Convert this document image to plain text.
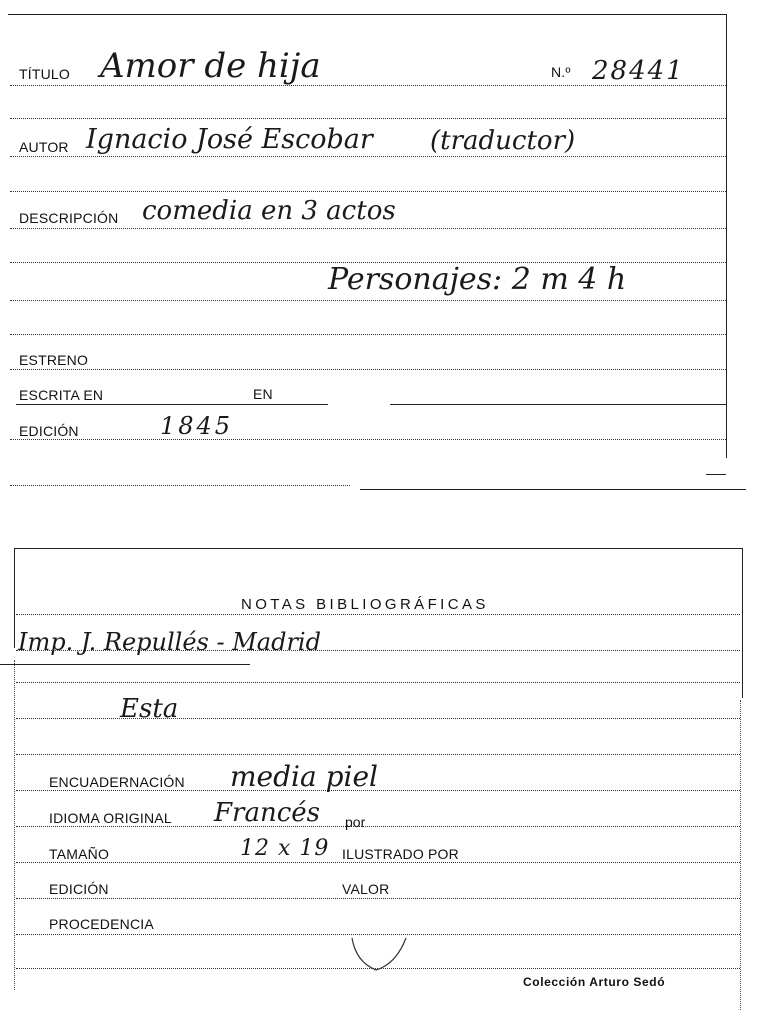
TÍTULO Amor de hija	N.º 28441
AUTOR Ignacio José Escobar (traductor)
DESCRIPCIÓN comedia en 3 actos
Personajes: 2 m 4 h
ESTRENO
ESCRITA EN	EN
EDICIÓN	1845
NOTAS BIBLIOGRÁFICAS
Imp. J. Repullés - Madrid
Esta
ENCUADERNACIÓN media piel
IDIOMA ORIGINAL Francés por
TAMAÑO	12 x 19 ILUSTRADO POR
EDICIÓN	VALOR
PROCEDENCIA
Colección Arturo Sedó
